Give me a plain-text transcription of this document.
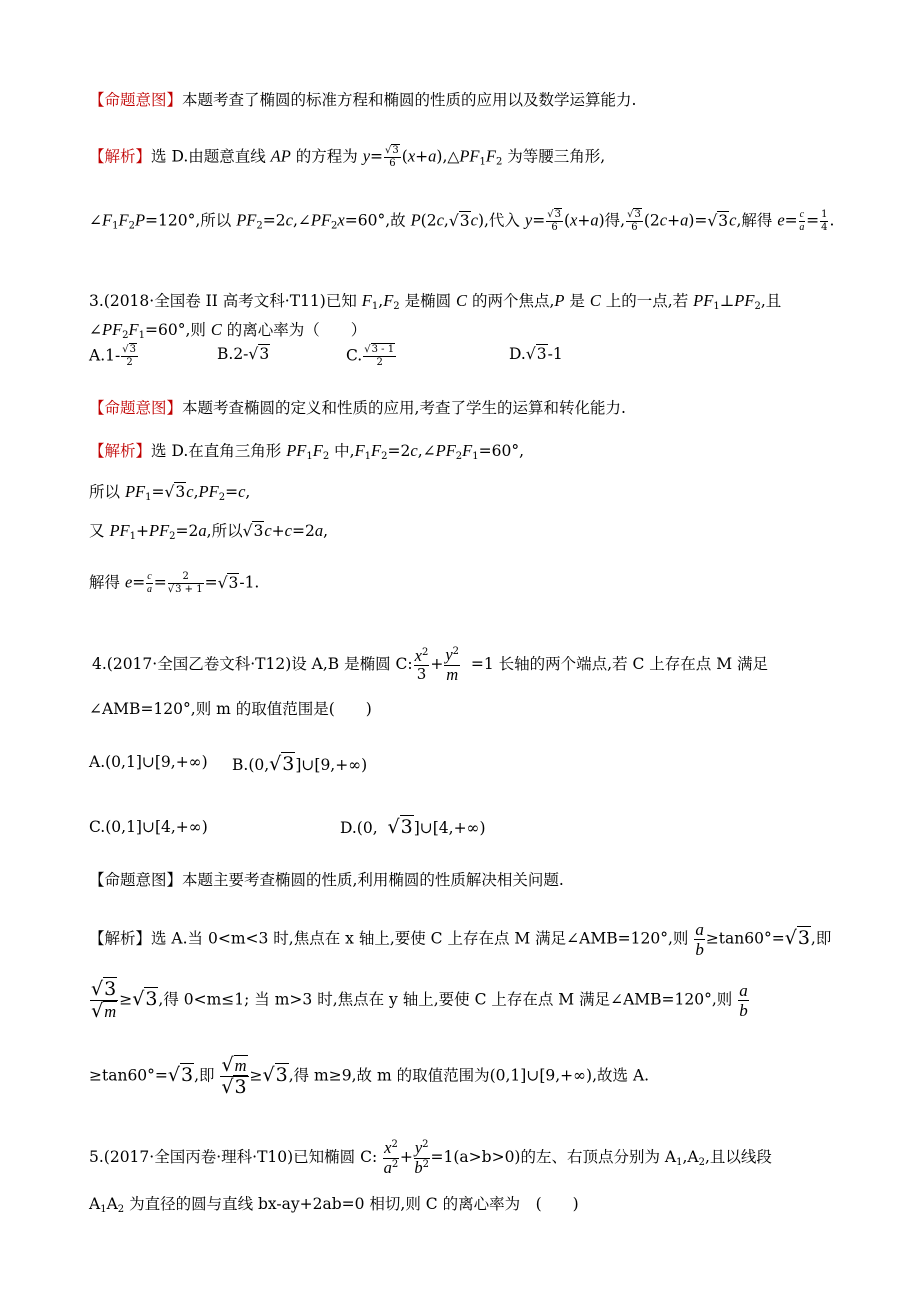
【命题意图】本题考查了椭圆的标准方程和椭圆的性质的应用以及数学运算能力.
【解析】选 D.由题意直线 AP 的方程为 $y= \frac{√3}{6}$ $(x+a),\triangle PF_1F_2$ 为等腰三角形,
$\angle F_1F_2P=120^\circ$,所以 $PF_2=2c,\angle PF_2x=60^\circ$,故 P(2c,√3c),代入 $y= \frac{√3}{6} (x+a)$得, $\frac{√3}{6} (2c+a)=√3c$,解得 $e= \frac{c}{a} = \frac{1}{4}$ .
3.(2018·全国卷 II 高考文科·T11)已知 $F_1,F_2$ 是椭圆 C 的两个焦点,P 是 C 上的一点,若 $PF_1\perp PF_2$,且
$\angle PF_2F_1=60^\circ$,则 C 的离心率为（　　）
$A.1- \frac{√3}{2}$	B.2-√3	C. $\frac{√3 - 1}{2}$	D.√3-1
【命题意图】本题考查椭圆的定义和性质的应用,考查了学生的运算和转化能力.
【解析】选 D.在直角三角形 $PF_1F_2$ 中$,F_1F_2=2c,\angle PF_2F_1=60^\circ$,
所以 $PF_1=√3c,PF_2=c$,
又 $PF_1+PF_2=2a$,所以√3c+c=2a,
解得 $e= \frac{c}{a} = \frac{2}{√3 + 1} =√3-1$.
4.(2017·全国乙卷文科·T12)设 A,B 是椭圆 C: $\frac{x^2}{3} + \frac{y^2}{m} =1$ 长轴的两个端点,若 C 上存在点 M 满足
∠AMB=120°,则 m 的取值范围是(　　)
A.(0,1]∪[9,+∞) B.(0,√3]∪[9,+∞)
C.(0,1]∪[4,+∞)	D.(0,  √3]∪[4,+∞)
【命题意图】本题主要考查椭圆的性质,利用椭圆的性质解决相关问题.
【解析】选 A.当 0<m<3 时,焦点在 x 轴上,要使 C 上存在点 M 满足∠AMB=120°,则 $\frac{a}{b} \ge\tan 60^\circ=√3$,即
$\frac{√3}{√m} \ge√3$,得 0<m≤1; 当 m>3 时,焦点在 y 轴上,要使 C 上存在点 M 满足∠AMB=120°,则 $\frac{a}{b}$
≥tan60°=√3,即 $\frac{√m}{√3} \ge√3$,得 m≥9,故 m 的取值范围为(0,1]∪[9,+∞),故选 A.
5.(2017·全国丙卷·理科·T10)已知椭圆 C: $\frac{x^2}{a^2} + \frac{y^2}{b^2} =1(a>b>0)$的左、右顶点分别为 $A_1,A_2$,且以线段
$A_1A_2$ 为直径的圆与直线 bx-ay+2ab=0 相切,则 C 的离心率为　(　　)
